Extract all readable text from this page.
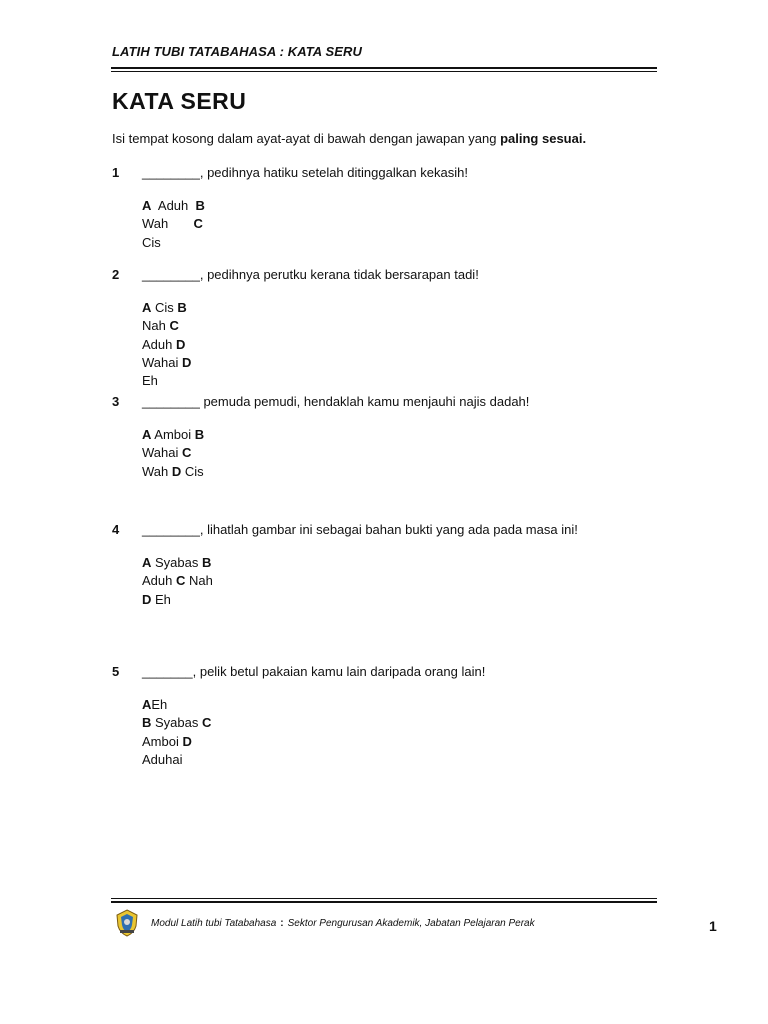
LATIH TUBI TATABAHASA : KATA SERU
KATA SERU
Isi tempat kosong dalam ayat-ayat di bawah dengan jawapan yang paling sesuai.
1 ________, pedihnya hatiku setelah ditinggalkan kekasih!
A  Aduh  B
Wah       C
Cis
2 ________, pedihnya perutku kerana tidak bersarapan tadi!
A Cis B
Nah C
Aduh D
Wahai D
Eh
3 ________ pemuda pemudi, hendaklah kamu menjauhi najis dadah!
A Amboi B
Wahai C
Wah D Cis
4 ________, lihatlah gambar ini sebagai bahan bukti yang ada pada masa ini!
A Syabas B
Aduh C Nah
D Eh
5 _______, pelik betul pakaian kamu lain daripada orang lain!
AEh
B Syabas C
Amboi D
Aduhai
Modul Latih tubi Tatabahasa : Sektor Pengurusan Akademik, Jabatan Pelajaran Perak	1
